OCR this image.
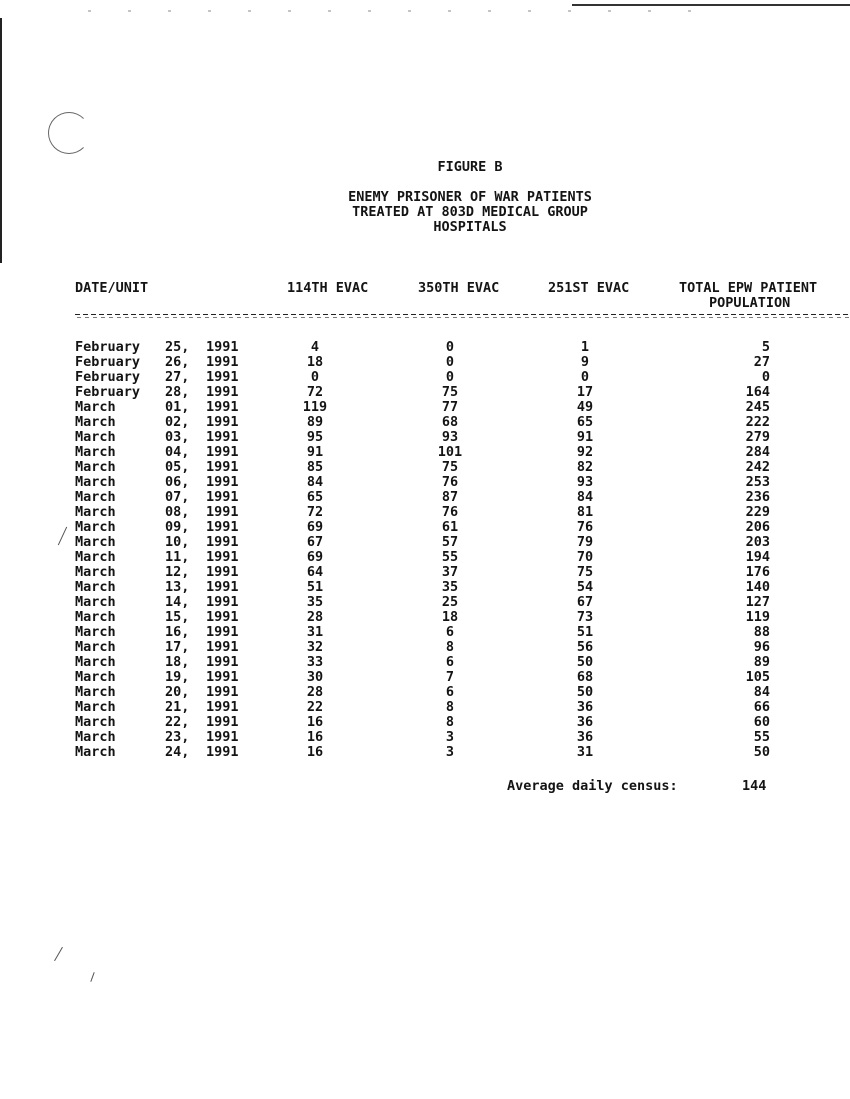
FIGURE B
ENEMY PRISONER OF WAR PATIENTS
TREATED AT 803D MEDICAL GROUP
HOSPITALS
DATE/UNIT	114TH EVAC	350TH EVAC	251ST EVAC	TOTAL EPW PATIENT
POPULATION
February 25, 1991	4	0	1	5
February 26, 1991	18	0	9	27
February 27, 1991	0	0	0	0
February 28, 1991	72	75	17	164
March	01, 1991	119	77	49	245
March	02, 1991	89	68	65	222
March	03, 1991	95	93	91	279
March	04, 1991	91	101	92	284
March	05, 1991	85	75	82	242
March	06, 1991	84	76	93	253
March	07, 1991	65	87	84	236
March	08, 1991	72	76	81	229
March	09, 1991	69	61	76	206
March	10, 1991	67	57	79	203
March	11, 1991	69	55	70	194
March	12, 1991	64	37	75	176
March	13, 1991	51	35	54	140
March	14, 1991	35	25	67	127
March	15, 1991	28	18	73	119
March	16, 1991	31	6	51	88
March	17, 1991	32	8	56	96
March	18, 1991	33	6	50	89
March	19, 1991	30	7	68	105
March	20, 1991	28	6	50	84
March	21, 1991	22	8	36	66
March	22, 1991	16	8	36	60
March	23, 1991	16	3	36	55
March	24, 1991	16	3	31	50
Average daily census:	144
